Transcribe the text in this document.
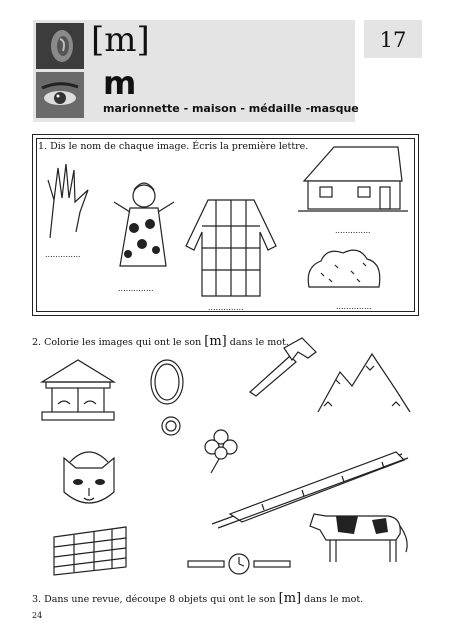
[m]
m
marionnette - maison - médaille -masque
17
1. Dis le nom de chaque image. Écris la première lettre.
..............
..............
..............
..............
..............
2. Colorie les images qui ont le son [m] dans le mot.
3. Dans une revue, découpe 8 objets qui ont le son [m] dans le mot.
24
